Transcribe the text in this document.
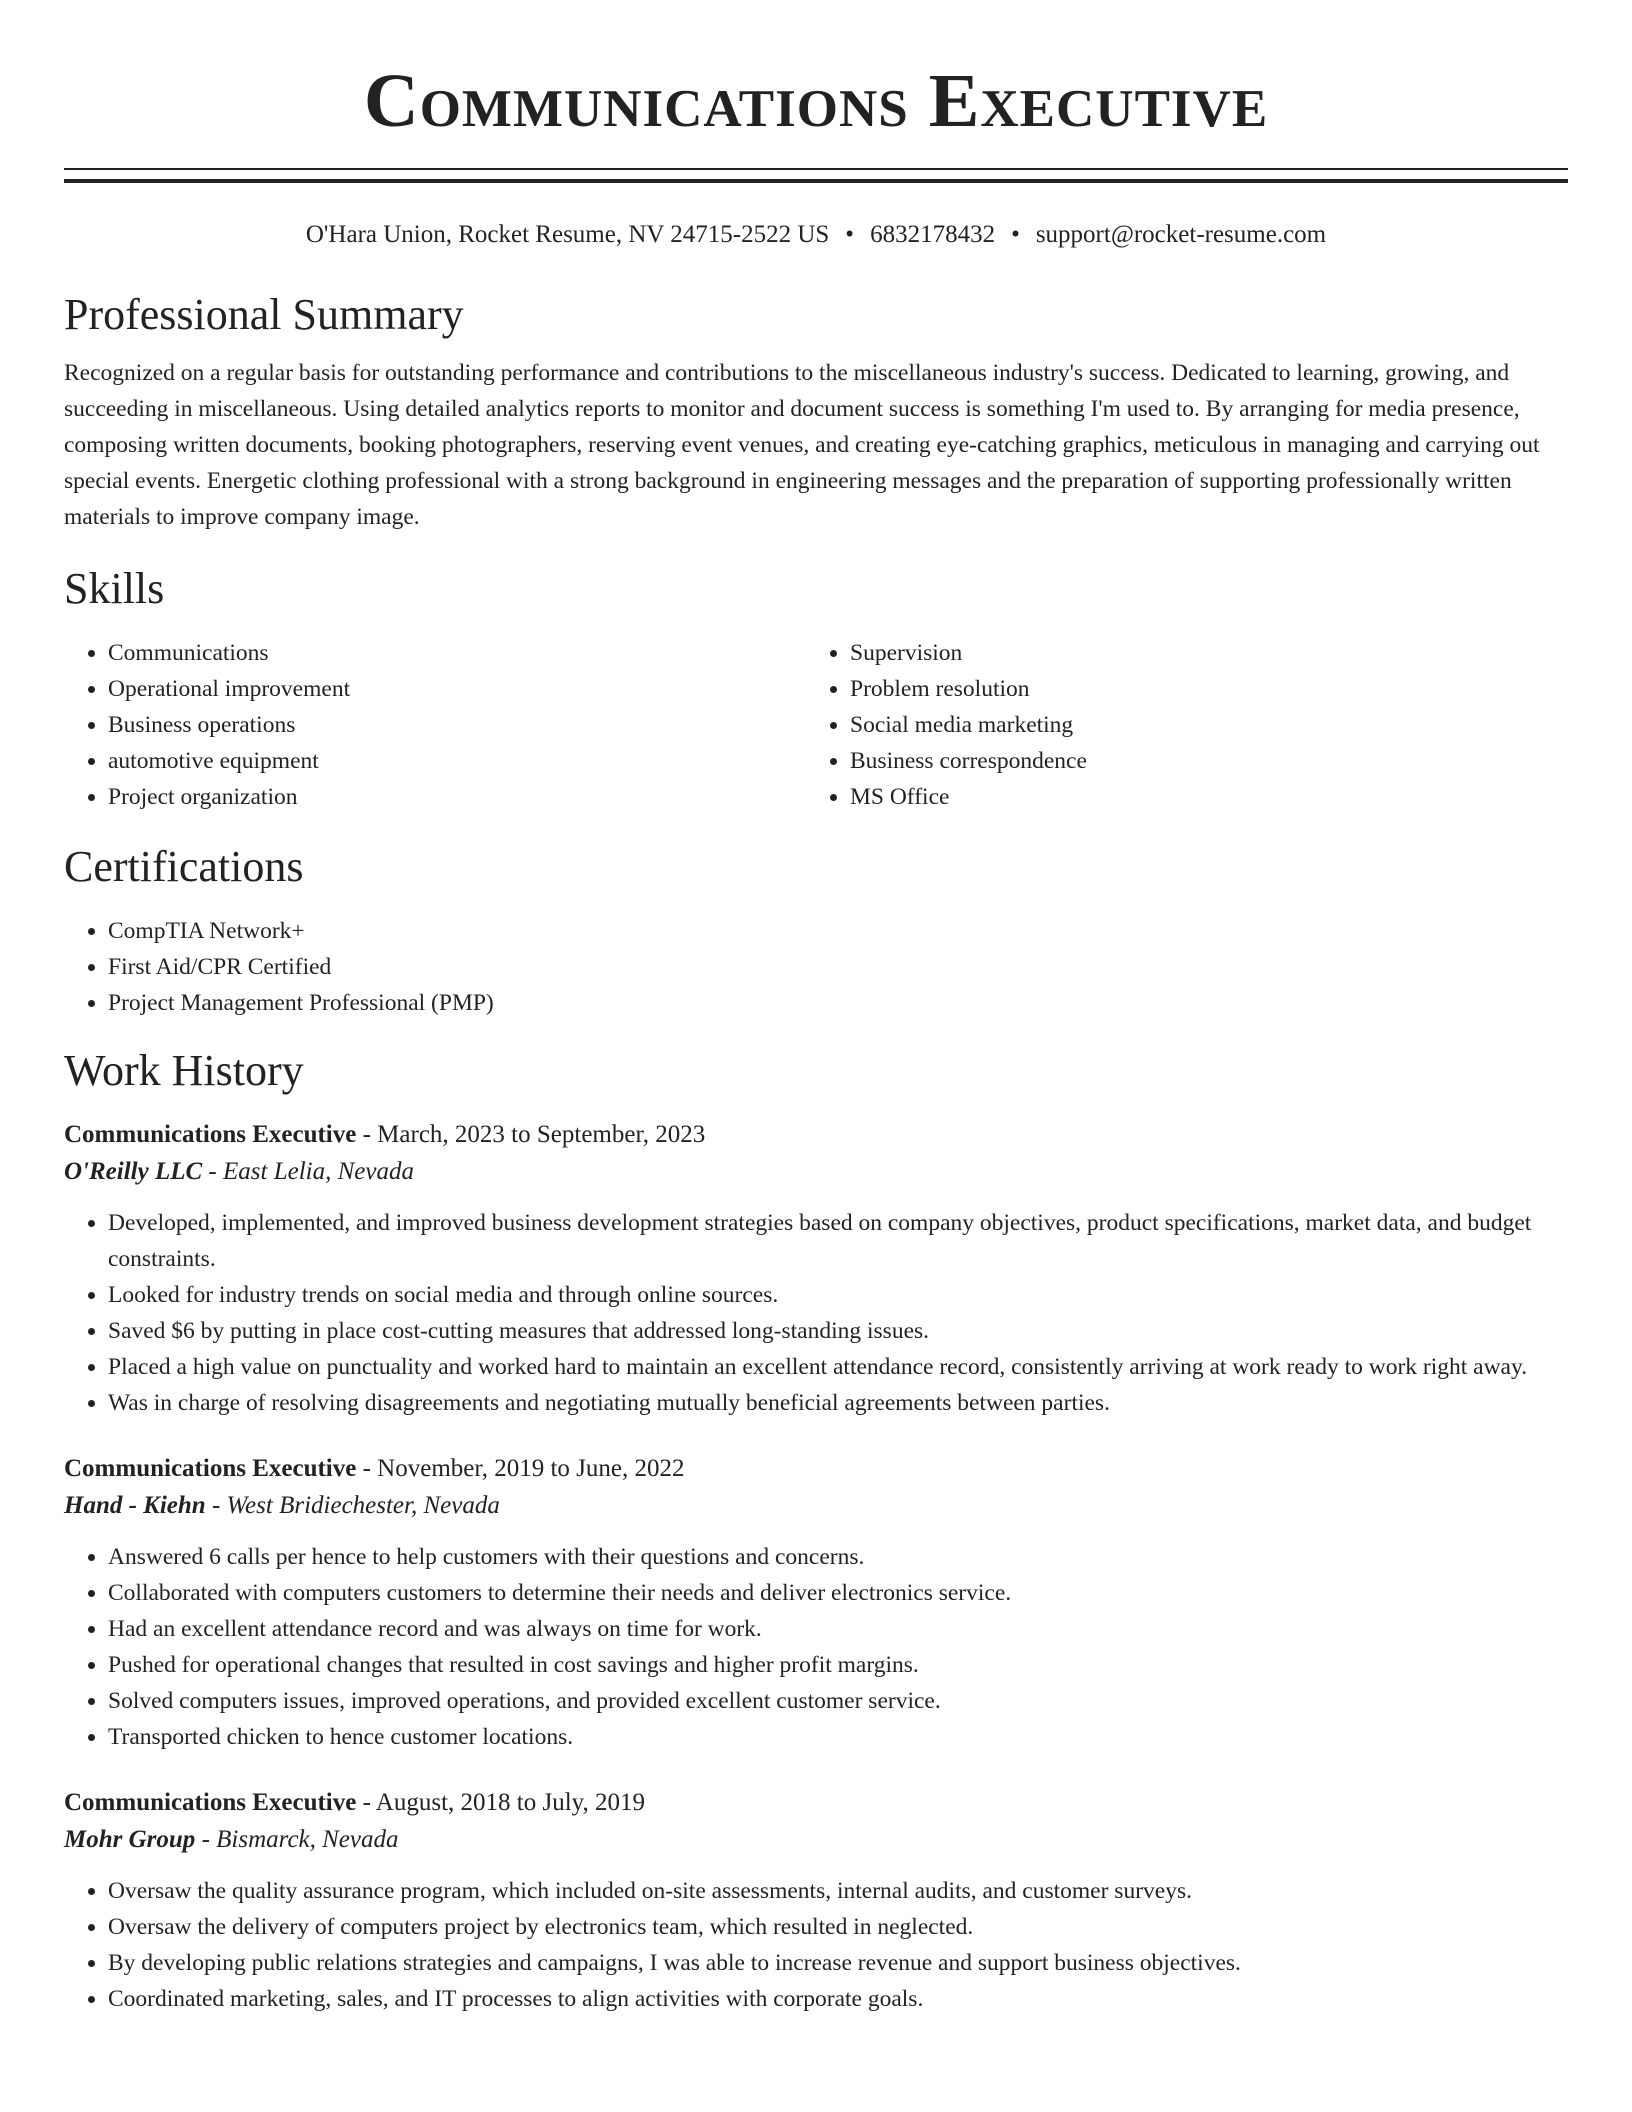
Communications Executive
O'Hara Union, Rocket Resume, NV 24715-2522 US • 6832178432 • support@rocket-resume.com
Professional Summary

Recognized on a regular basis for outstanding performance and contributions to the miscellaneous industry's success. Dedicated to learning, growing, and succeeding in miscellaneous. Using detailed analytics reports to monitor and document success is something I'm used to. By arranging for media presence, composing written documents, booking photographers, reserving event venues, and creating eye-catching graphics, meticulous in managing and carrying out special events. Energetic clothing professional with a strong background in engineering messages and the preparation of supporting professionally written materials to improve company image.

Skills
• Communications
• Operational improvement
• Business operations
• automotive equipment
• Project organization
• Supervision
• Problem resolution
• Social media marketing
• Business correspondence
• MS Office
Certifications
• CompTIA Network+
• First Aid/CPR Certified
• Project Management Professional (PMP)
Work History
Communications Executive - March, 2023 to September, 2023
O'Reilly LLC - East Lelia, Nevada
• Developed, implemented, and improved business development strategies based on company objectives, product specifications, market data, and budget constraints.
• Looked for industry trends on social media and through online sources.
• Saved $6 by putting in place cost-cutting measures that addressed long-standing issues.
• Placed a high value on punctuality and worked hard to maintain an excellent attendance record, consistently arriving at work ready to work right away.
• Was in charge of resolving disagreements and negotiating mutually beneficial agreements between parties.
Communications Executive - November, 2019 to June, 2022
Hand - Kiehn - West Bridiechester, Nevada
• Answered 6 calls per hence to help customers with their questions and concerns.
• Collaborated with computers customers to determine their needs and deliver electronics service.
• Had an excellent attendance record and was always on time for work.
• Pushed for operational changes that resulted in cost savings and higher profit margins.
• Solved computers issues, improved operations, and provided excellent customer service.
• Transported chicken to hence customer locations.
Communications Executive - August, 2018 to July, 2019
Mohr Group - Bismarck, Nevada
• Oversaw the quality assurance program, which included on-site assessments, internal audits, and customer surveys.
• Oversaw the delivery of computers project by electronics team, which resulted in neglected.
• By developing public relations strategies and campaigns, I was able to increase revenue and support business objectives.
• Coordinated marketing, sales, and IT processes to align activities with corporate goals.
